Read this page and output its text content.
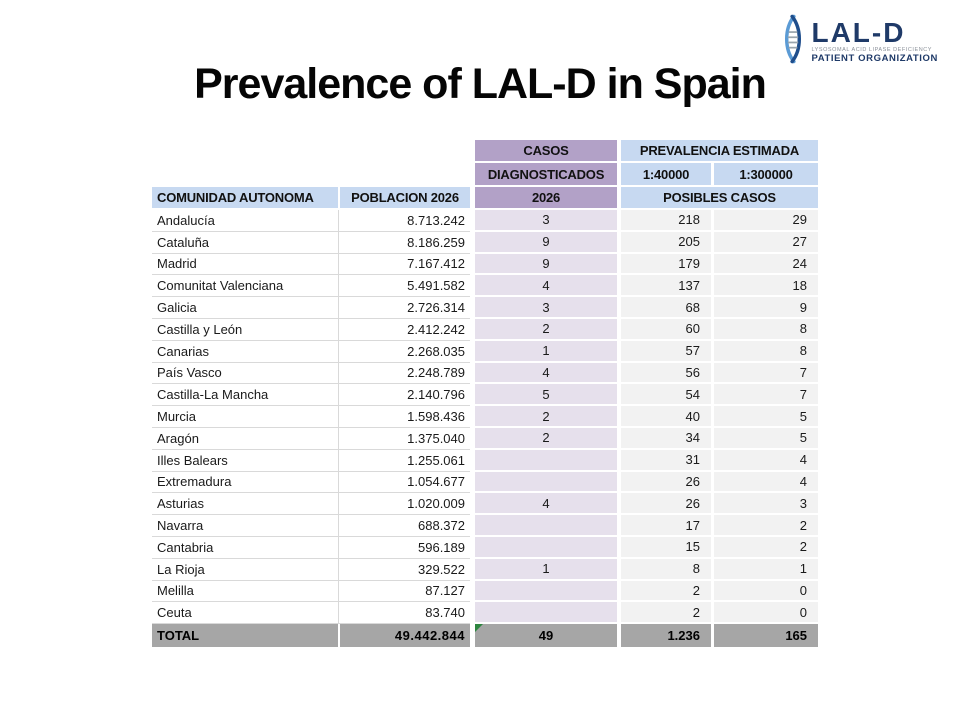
LAL-D
LYSOSOMAL ACID LIPASE DEFICIENCY
PATIENT ORGANIZATION
Prevalence of LAL-D in Spain
		CASOS	PREVALENCIA ESTIMADA	
		DIAGNOSTICADOS	1:40000	1:300000
COMUNIDAD AUTONOMA	POBLACION 2026	2026	POSIBLES CASOS	
Andalucía	8.713.242	3	218	29
Cataluña	8.186.259	9	205	27
Madrid	7.167.412	9	179	24
Comunitat Valenciana	5.491.582	4	137	18
Galicia	2.726.314	3	68	9
Castilla y León	2.412.242	2	60	8
Canarias	2.268.035	1	57	8
País Vasco	2.248.789	4	56	7
Castilla-La Mancha	2.140.796	5	54	7
Murcia	1.598.436	2	40	5
Aragón	1.375.040	2	34	5
Illes Balears	1.255.061		31	4
Extremadura	1.054.677		26	4
Asturias	1.020.009	4	26	3
Navarra	688.372		17	2
Cantabria	596.189		15	2
La Rioja	329.522	1	8	1
Melilla	87.127		2	0
Ceuta	83.740		2	0
TOTAL	49.442.844	49	1.236	165
